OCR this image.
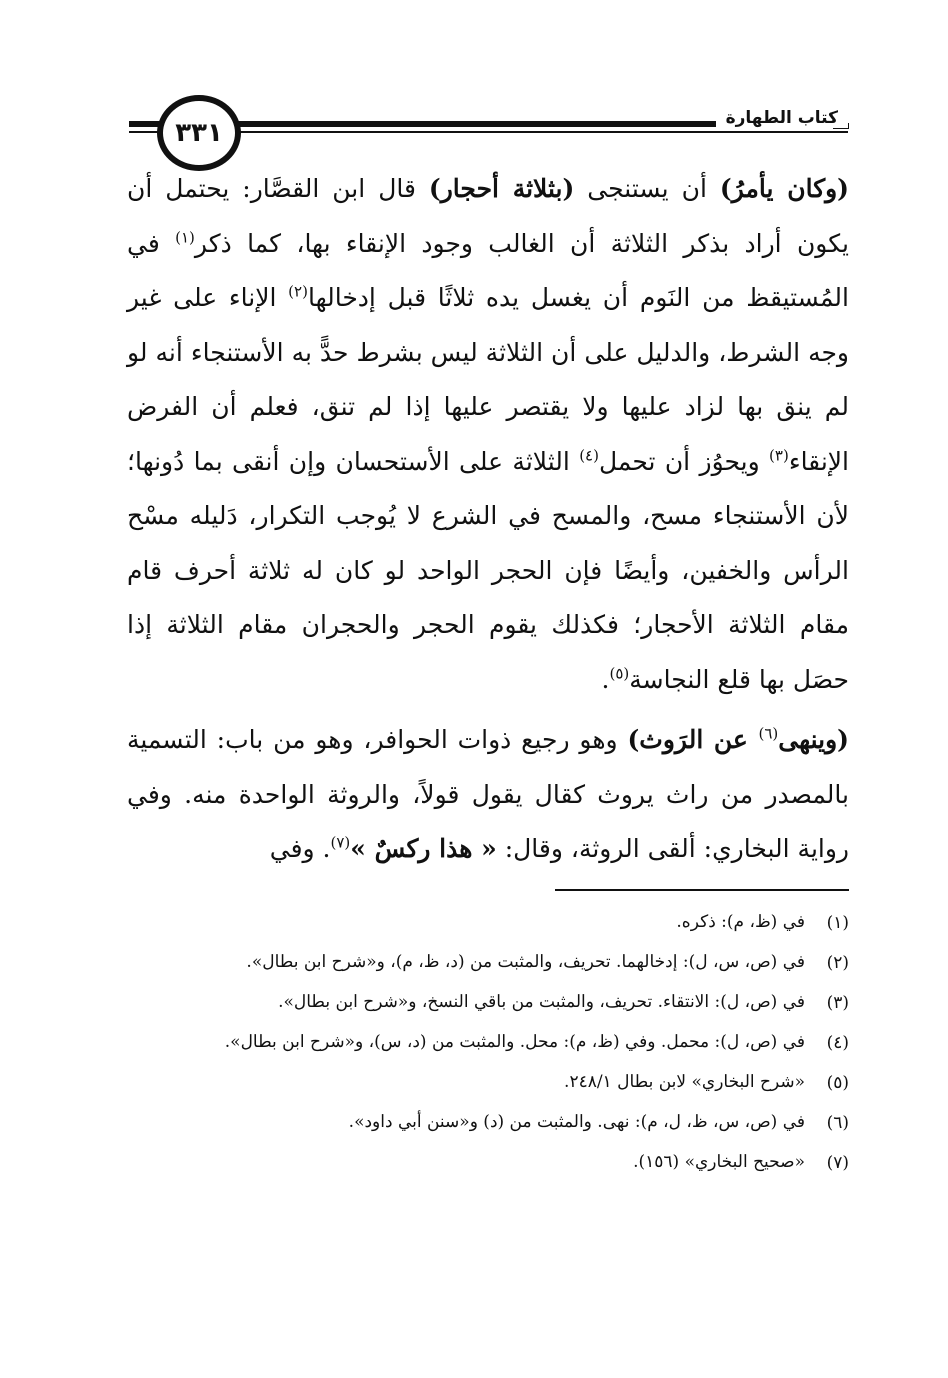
كتاب الطهارة
٣٣١

(وكان يأمرُ) أن يستنجى (بثلاثة أحجار) قال ابن القصَّار: يحتمل أن يكون أراد بذكر الثلاثة أن الغالب وجود الإنقاء بها، كما ذكر$^{(١)}$ في المُستيقظ من النَوم أن يغسل يده ثلاثًا قبل إدخالها$^{(٢)}$ الإناء على غير وجه الشرط، والدليل على أن الثلاثة ليس بشرط حدًّ به الأستنجاء أنه لو لم ينق بها لزاد عليها ولا يقتصر عليها إذا لم تنق، فعلم أن الفرض الإنقاء$^{(٣)}$ ويحوُز أن تحمل$^{(٤)}$ الثلاثة على الأستحسان وإن أنقى بما دُونها؛ لأن الأستنجاء مسح، والمسح في الشرع لا يُوجب التكرار، دَليله مسْح الرأس والخفين، وأيضًا فإن الحجر الواحد لو كان له ثلاثة أحرف قام مقام الثلاثة الأحجار؛ فكذلك يقوم الحجر والحجران مقام الثلاثة إذا حصَل بها قلع النجاسة$^{(٥)}$.

(وينهى$^{(٦)}$ عن الرَوث) وهو رجيع ذوات الحوافر، وهو من باب: التسمية بالمصدر من راث يروث كقال يقول قولاً، والروثة الواحدة منه. وفي رواية البخاري: ألقى الروثة، وقال: « هذا ركسٌ »$^{(٧)}$. وفي

(١)
في (ظ، م): ذكره.
(٢)
في (ص، س، ل): إدخالهما. تحريف، والمثبت من (د، ظ، م)، و«شرح ابن بطال».
(٣)
في (ص، ل): الانتقاء. تحريف، والمثبت من باقي النسخ، و«شرح ابن بطال».
(٤)
في (ص، ل): محمل. وفي (ظ، م): محل. والمثبت من (د، س)، و«شرح ابن بطال».
(٥)
«شرح البخاري» لابن بطال ٢٤٨/١.
(٦)
في (ص، س، ظ، ل، م): نهى. والمثبت من (د) و«سنن أبي داود».
(٧)
«صحيح البخاري» (١٥٦).
